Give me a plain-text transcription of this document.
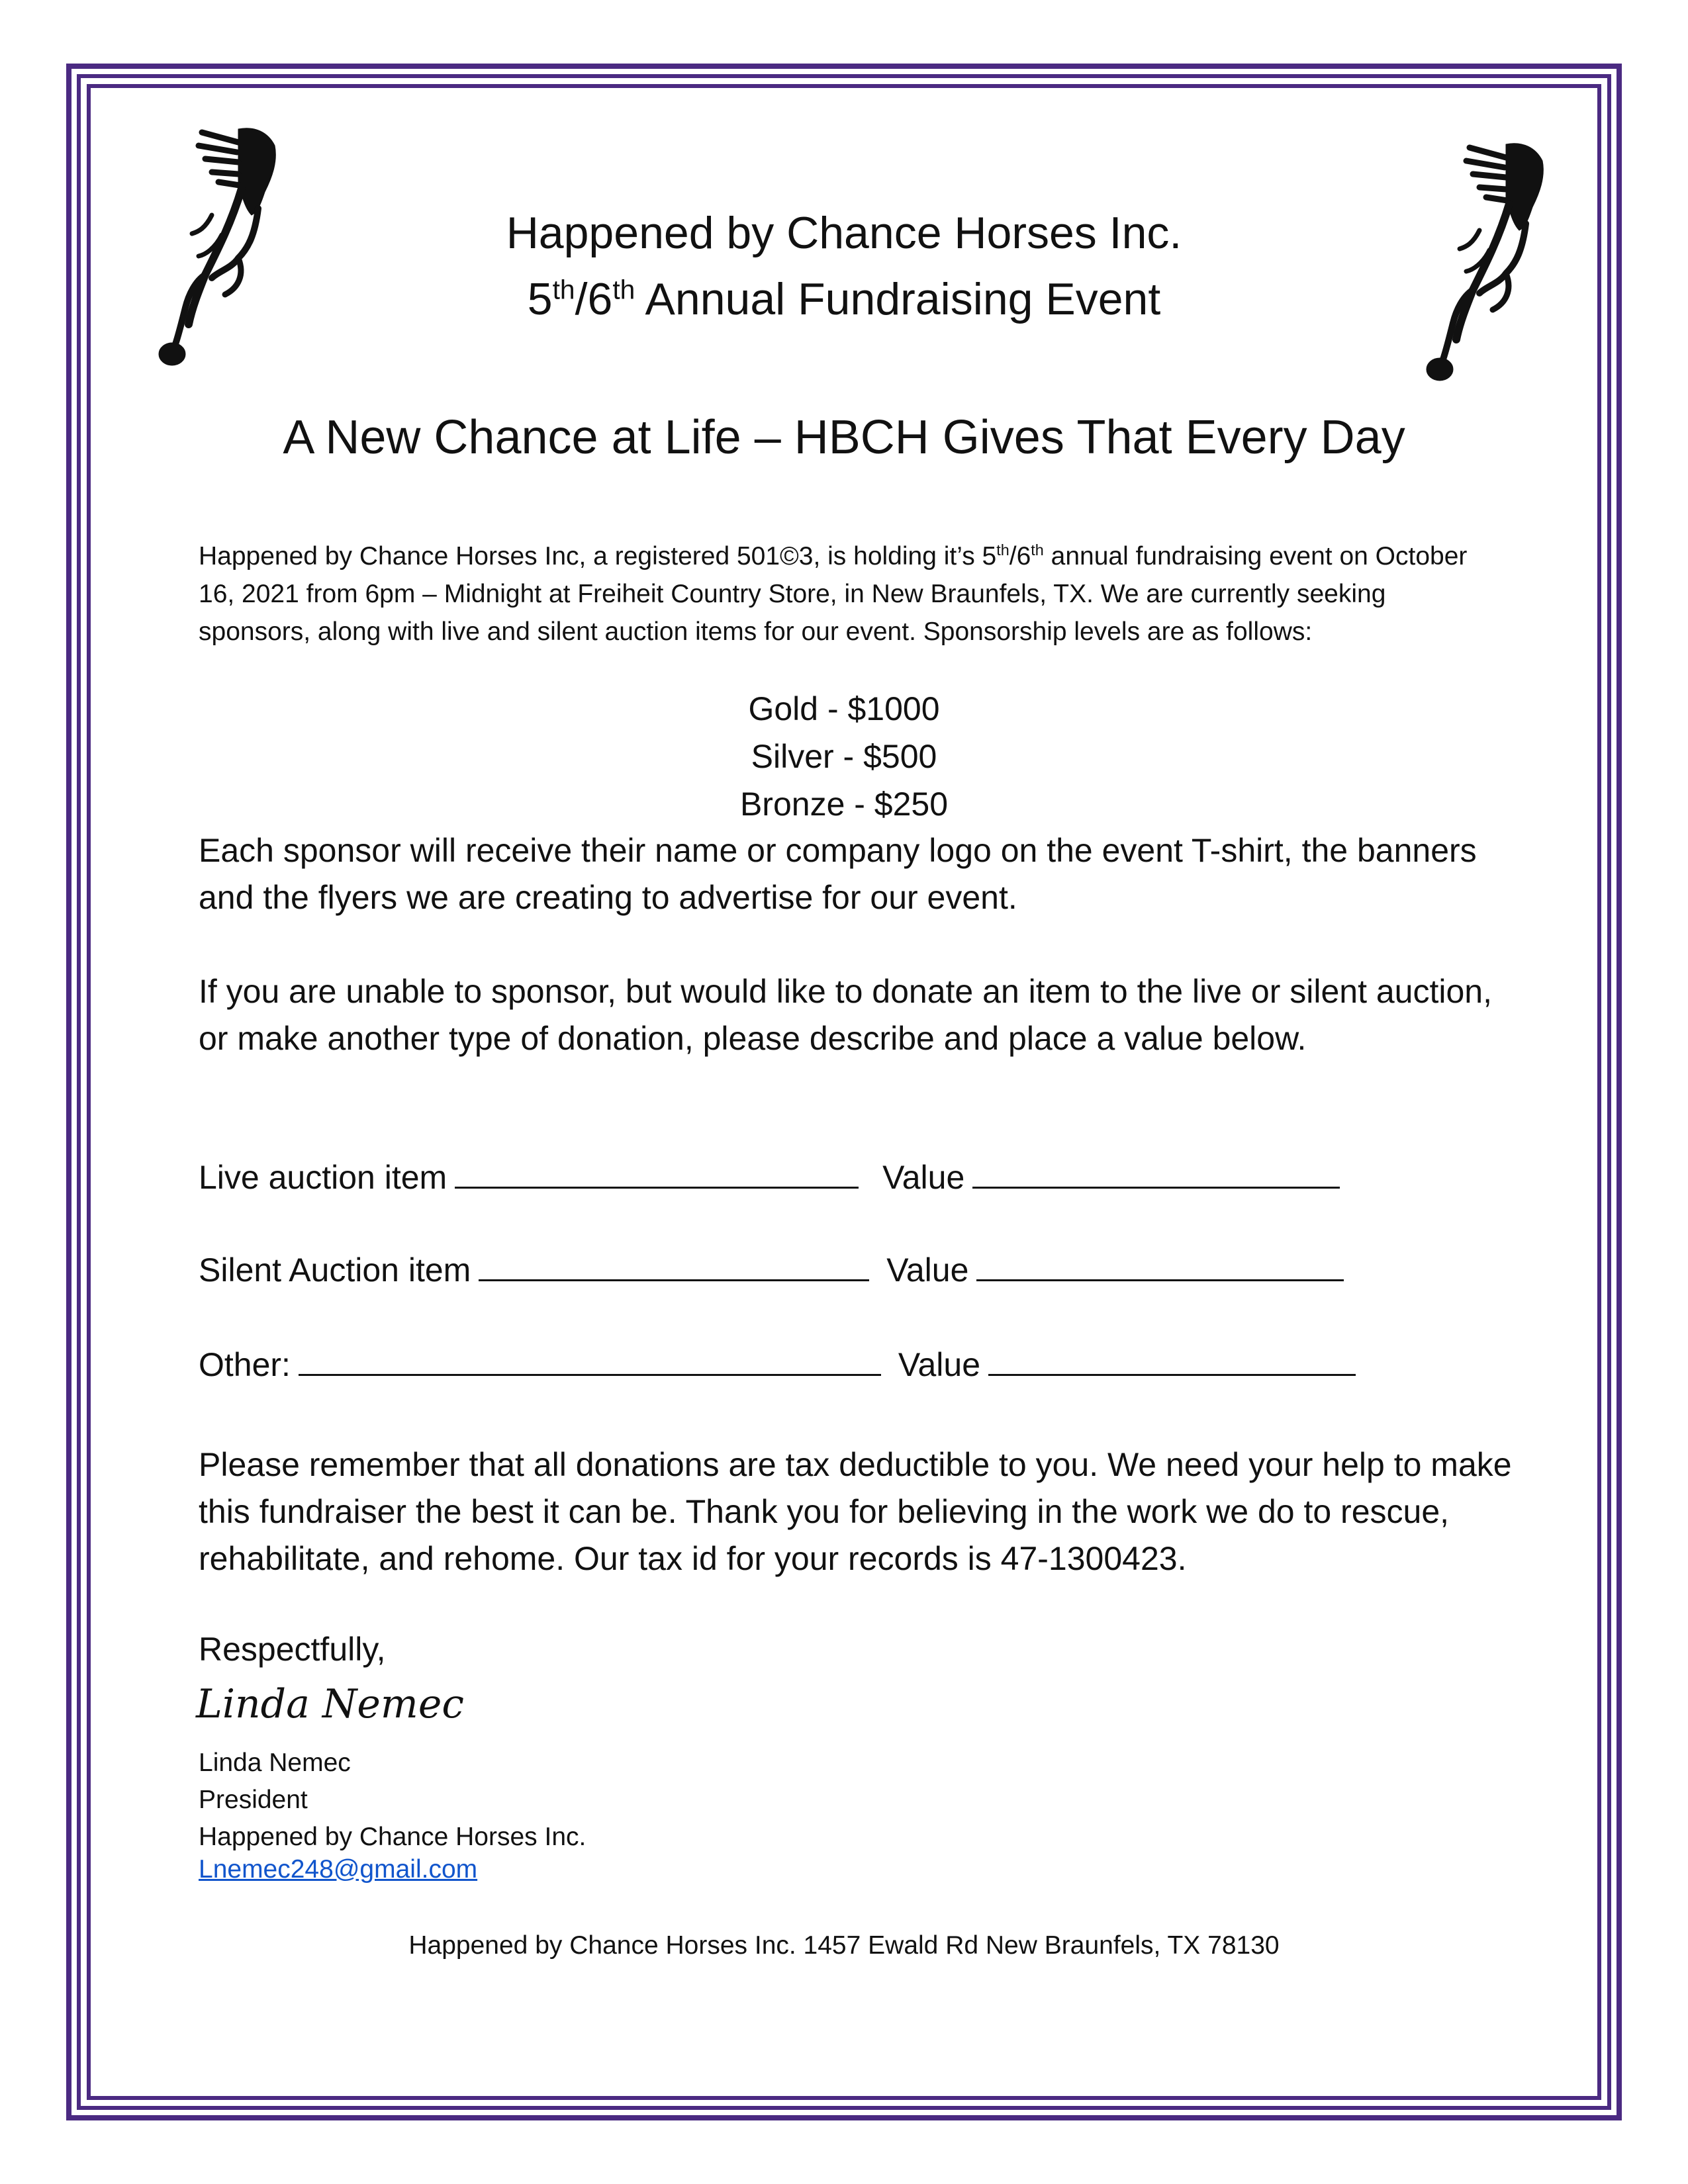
Happened by Chance Horses Inc.
5th/6th Annual Fundraising Event
A New Chance at Life – HBCH Gives That Every Day
Happened by Chance Horses Inc, a registered 501©3, is holding it’s 5th/6th annual fundraising event on October 16, 2021 from 6pm – Midnight at Freiheit Country Store, in New Braunfels, TX. We are currently seeking sponsors, along with live and silent auction items for our event. Sponsorship levels are as follows:
Gold - $1000
Silver - $500
Bronze - $250
Each sponsor will receive their name or company logo on the event T-shirt, the banners and the flyers we are creating to advertise for our event.
If you are unable to sponsor, but would like to donate an item to the live or silent auction, or make another type of donation, please describe and place a value below.
Live auction item	Value
Silent Auction item	Value
Other:	Value
Please remember that all donations are tax deductible to you. We need your help to make this fundraiser the best it can be. Thank you for believing in the work we do to rescue, rehabilitate, and rehome. Our tax id for your records is 47-1300423.
Respectfully,
Linda Nemec
Linda Nemec
President
Happened by Chance Horses Inc.
Lnemec248@gmail.com
Happened by Chance Horses Inc. 1457 Ewald Rd New Braunfels, TX 78130
